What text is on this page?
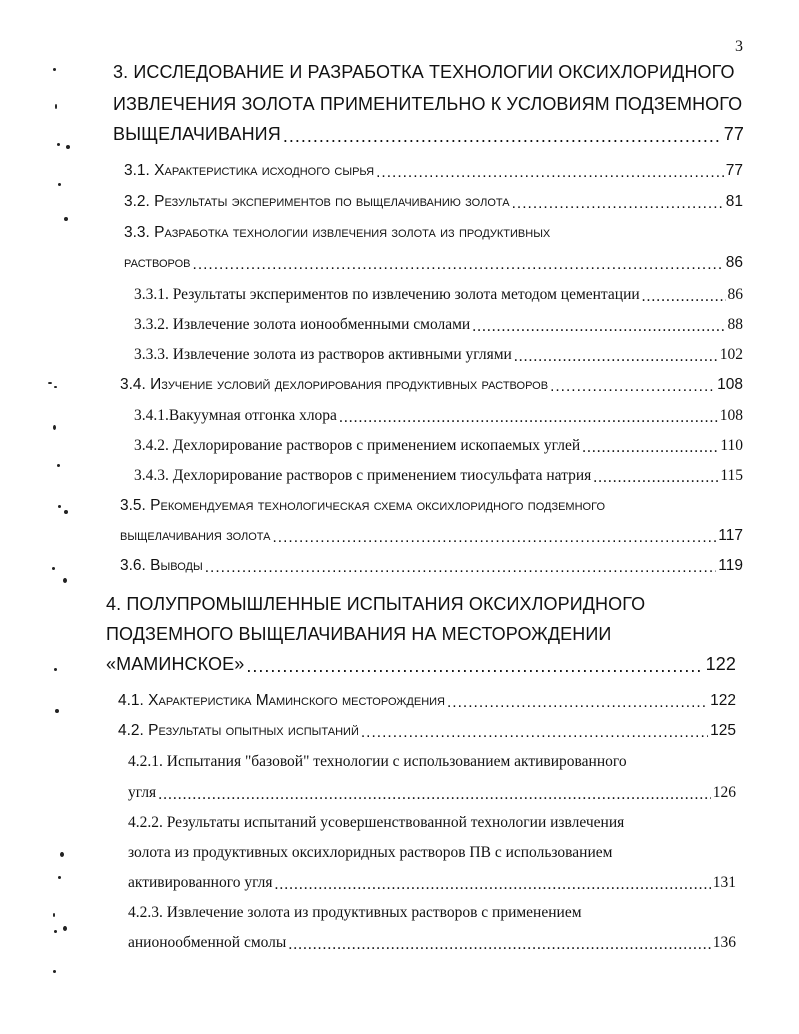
3
3. ИССЛЕДОВАНИЕ И РАЗРАБОТКА ТЕХНОЛОГИИ ОКСИХЛОРИДНОГО
ИЗВЛЕЧЕНИЯ ЗОЛОТА ПРИМЕНИТЕЛЬНО К УСЛОВИЯМ ПОДЗЕМНОГО
ВЫЩЕЛАЧИВАНИЯ .....	77
3.1. Характеристика исходного сырья .....	77
3.2. Результаты экспериментов по выщелачиванию золота .....	81
3.3. Разработка технологии извлечения золота из продуктивных
растворов .....	86
3.3.1. Результаты экспериментов по извлечению золота методом цементации .....	86
3.3.2. Извлечение золота ионообменными смолами .....	88
3.3.3. Извлечение золота из растворов активными углями .....	102
3.4. Изучение условий дехлорирования продуктивных растворов .....	108
3.4.1.Вакуумная отгонка хлора .....	108
3.4.2. Дехлорирование растворов с применением ископаемых углей .....	110
3.4.3. Дехлорирование растворов с применением тиосульфата натрия .....	115
3.5. Рекомендуемая технологическая схема оксихлоридного подземного
выщелачивания золота .....	117
3.6. Выводы .....	119
4. ПОЛУПРОМЫШЛЕННЫЕ ИСПЫТАНИЯ ОКСИХЛОРИДНОГО
ПОДЗЕМНОГО ВЫЩЕЛАЧИВАНИЯ НА МЕСТОРОЖДЕНИИ
«МАМИНСКОЕ» .....	122
4.1. Характеристика Маминского месторождения .....	122
4.2. Результаты опытных испытаний .....	125
4.2.1. Испытания "базовой" технологии с использованием активированного
угля .....	126
4.2.2. Результаты испытаний усовершенствованной технологии извлечения
золота из продуктивных оксихлоридных растворов ПВ с использованием
активированного угля .....	131
4.2.3. Извлечение золота из продуктивных растворов с применением
анионообменной смолы .....	136
